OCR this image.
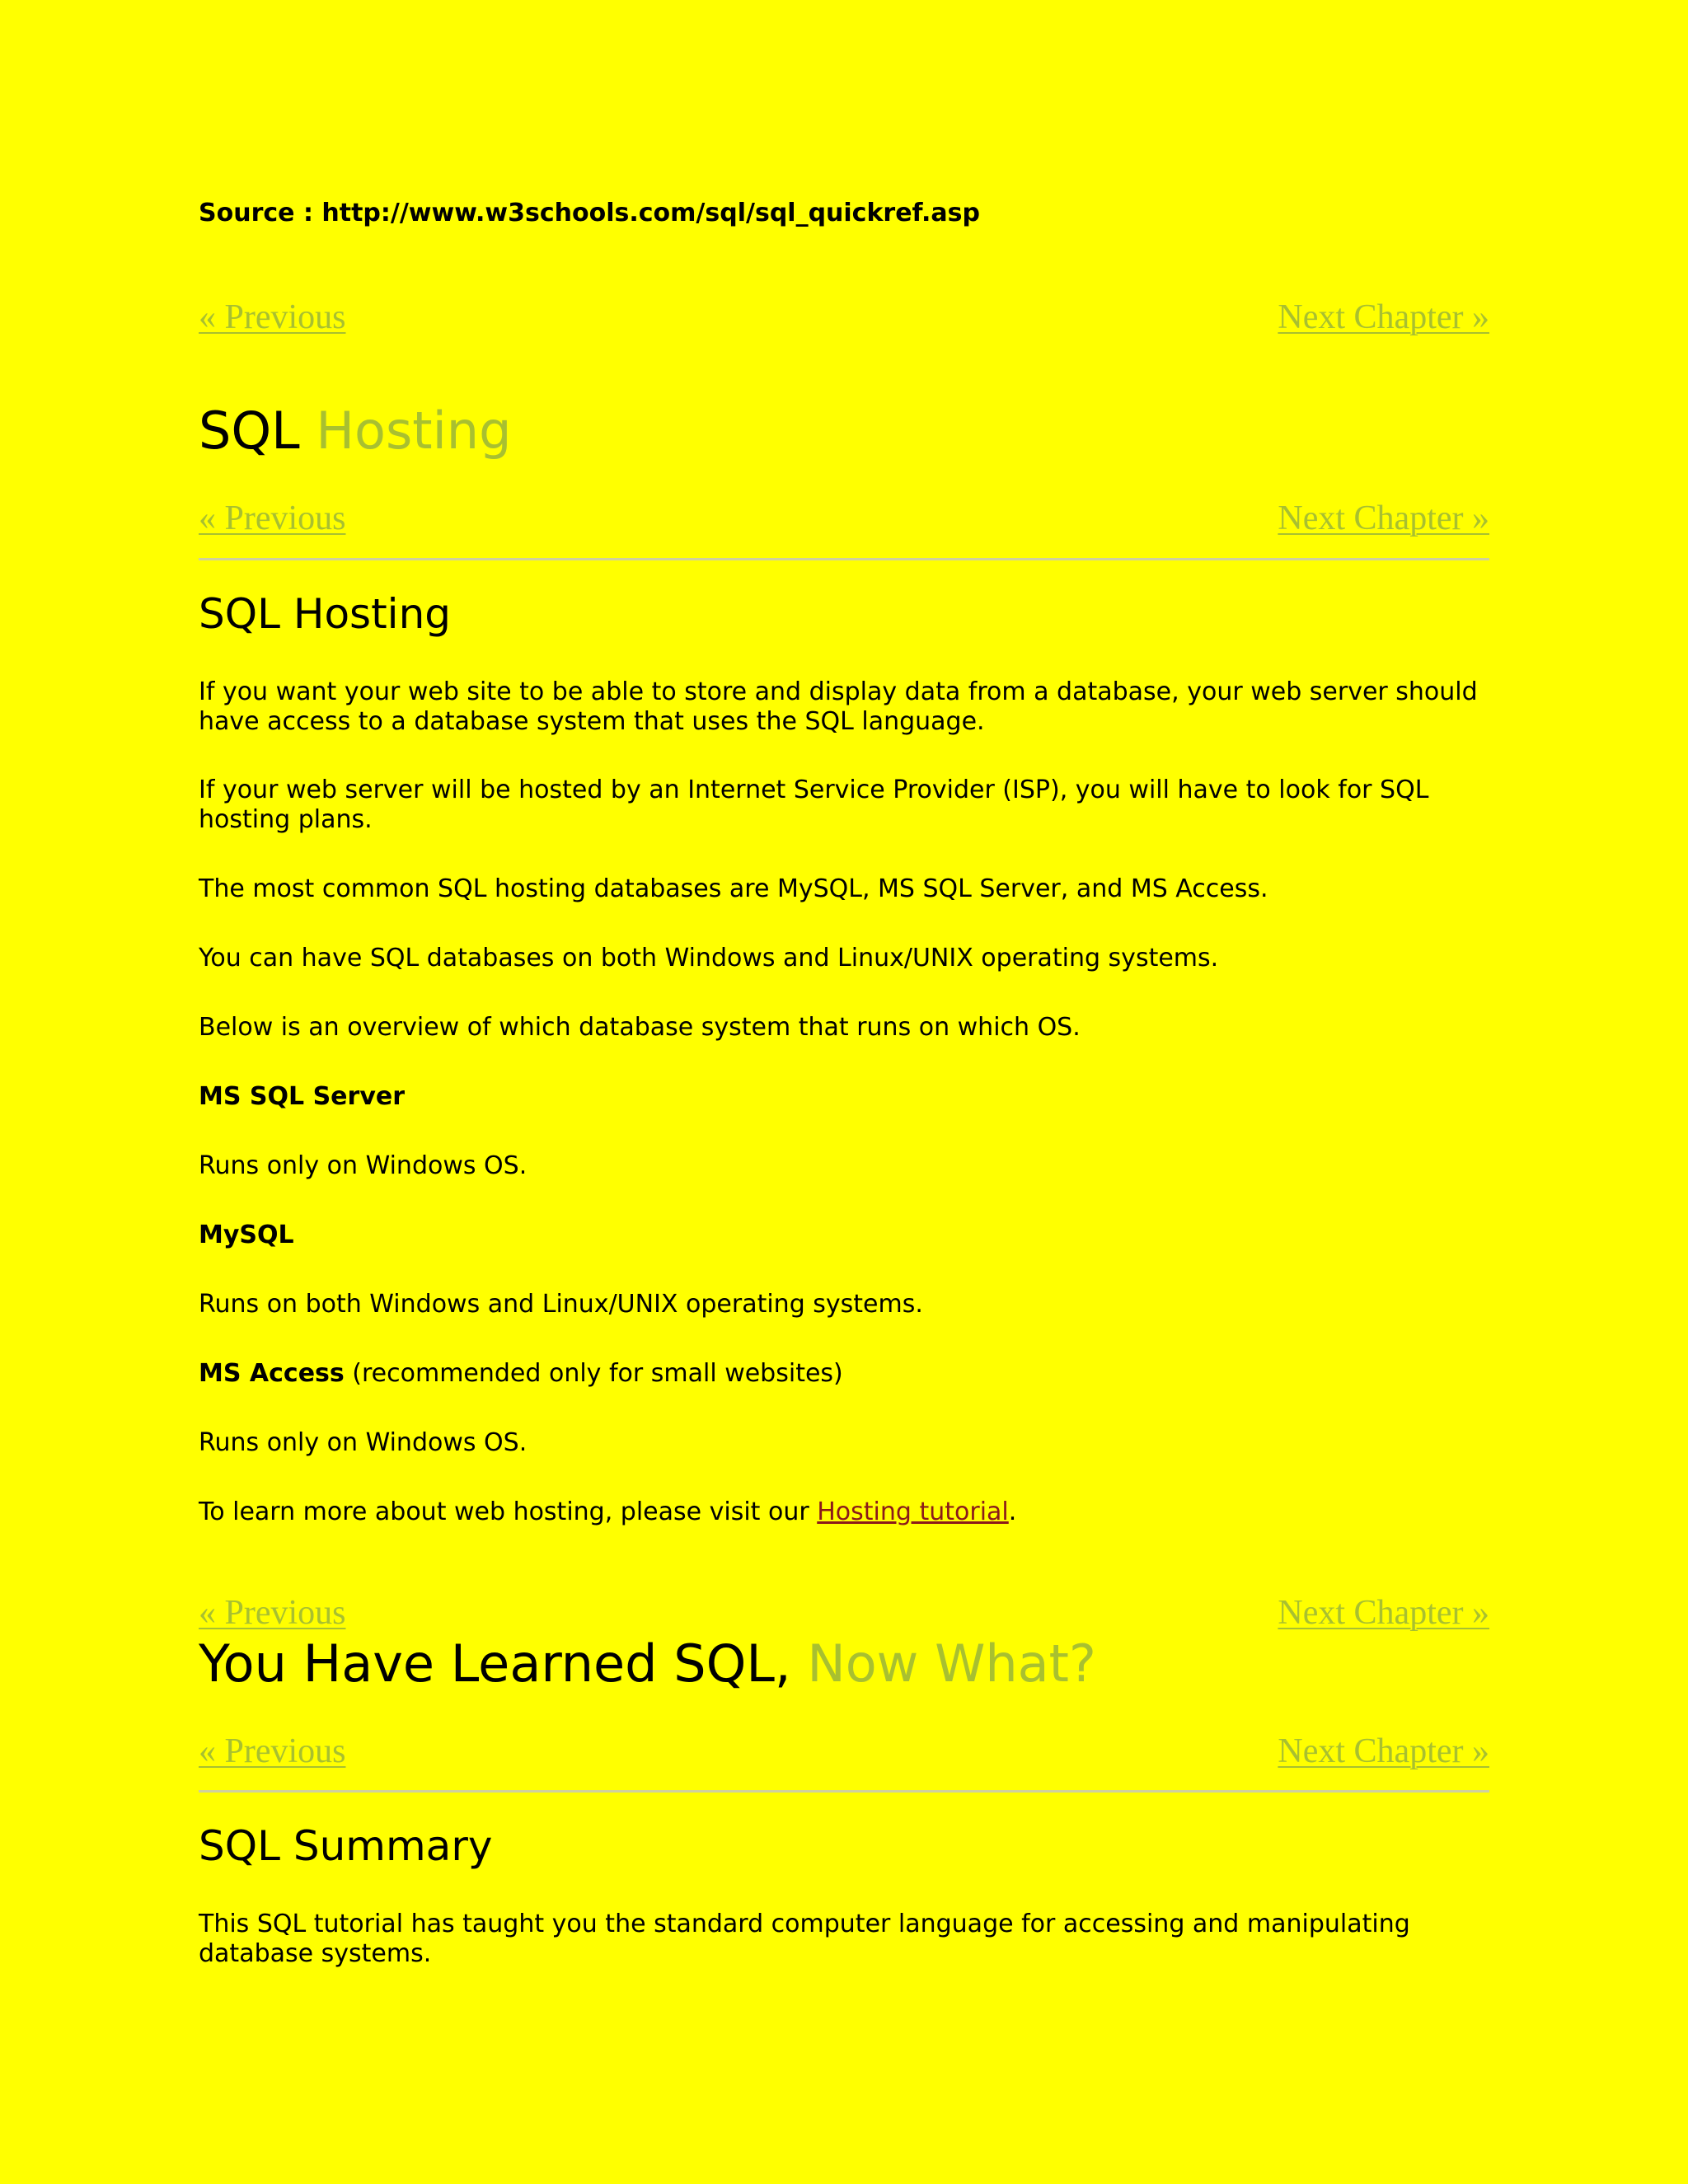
Source : http://www.w3schools.com/sql/sql_quickref.asp
« Previous	Next Chapter »
SQL Hosting
« Previous	Next Chapter »
SQL Hosting
If you want your web site to be able to store and display data from a database, your web server should have access to a database system that uses the SQL language.
If your web server will be hosted by an Internet Service Provider (ISP), you will have to look for SQL hosting plans.
The most common SQL hosting databases are MySQL, MS SQL Server, and MS Access.
You can have SQL databases on both Windows and Linux/UNIX operating systems.
Below is an overview of which database system that runs on which OS.
MS SQL Server
Runs only on Windows OS.
MySQL
Runs on both Windows and Linux/UNIX operating systems.
MS Access (recommended only for small websites)
Runs only on Windows OS.
To learn more about web hosting, please visit our Hosting tutorial.
« Previous	Next Chapter »
You Have Learned SQL, Now What?
« Previous	Next Chapter »
SQL Summary
This SQL tutorial has taught you the standard computer language for accessing and manipulating database systems.
